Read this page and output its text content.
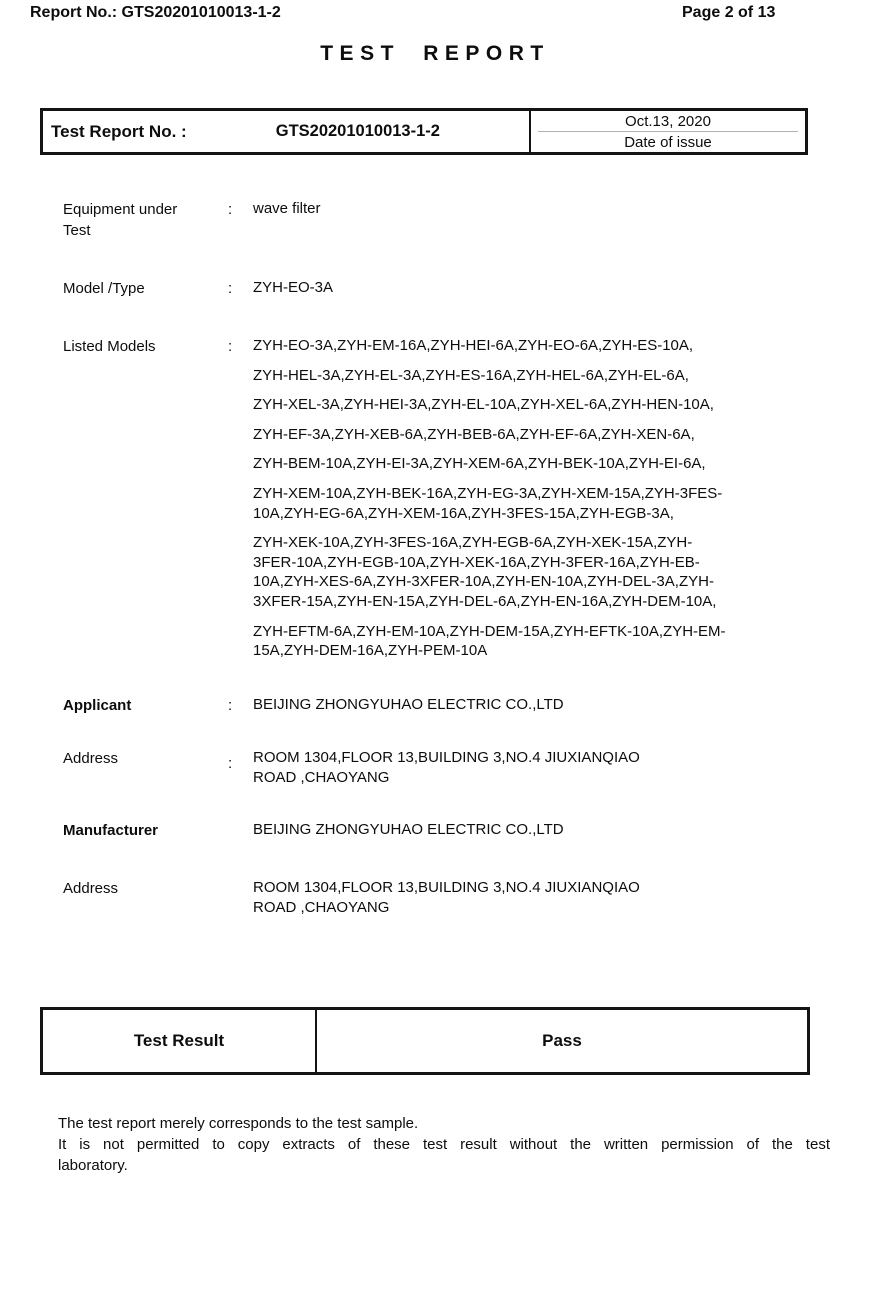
Report No.: GTS20201010013-1-2	Page 2 of 13
TEST REPORT
Test Report No. :	GTS20201010013-1-2
Oct.13, 2020
Date of issue
Equipment under Test
: wave filter
Model /Type	: ZYH-EO-3A
Listed Models	: ZYH-EO-3A,ZYH-EM-16A,ZYH-HEI-6A,ZYH-EO-6A,ZYH-ES-10A,
ZYH-HEL-3A,ZYH-EL-3A,ZYH-ES-16A,ZYH-HEL-6A,ZYH-EL-6A,
ZYH-XEL-3A,ZYH-HEI-3A,ZYH-EL-10A,ZYH-XEL-6A,ZYH-HEN-10A,
ZYH-EF-3A,ZYH-XEB-6A,ZYH-BEB-6A,ZYH-EF-6A,ZYH-XEN-6A,
ZYH-BEM-10A,ZYH-EI-3A,ZYH-XEM-6A,ZYH-BEK-10A,ZYH-EI-6A,
ZYH-XEM-10A,ZYH-BEK-16A,ZYH-EG-3A,ZYH-XEM-15A,ZYH-3FES-
10A,ZYH-EG-6A,ZYH-XEM-16A,ZYH-3FES-15A,ZYH-EGB-3A,
ZYH-XEK-10A,ZYH-3FES-16A,ZYH-EGB-6A,ZYH-XEK-15A,ZYH-
3FER-10A,ZYH-EGB-10A,ZYH-XEK-16A,ZYH-3FER-16A,ZYH-EB-
10A,ZYH-XES-6A,ZYH-3XFER-10A,ZYH-EN-10A,ZYH-DEL-3A,ZYH-
3XFER-15A,ZYH-EN-15A,ZYH-DEL-6A,ZYH-EN-16A,ZYH-DEM-10A,
ZYH-EFTM-6A,ZYH-EM-10A,ZYH-DEM-15A,ZYH-EFTK-10A,ZYH-EM-
15A,ZYH-DEM-16A,ZYH-PEM-10A
Applicant	: BEIJING ZHONGYUHAO ELECTRIC CO.,LTD
Address	: ROOM 1304,FLOOR 13,BUILDING 3,NO.4 JIUXIANQIAO
ROAD ,CHAOYANG
Manufacturer	BEIJING ZHONGYUHAO ELECTRIC CO.,LTD
Address	ROOM 1304,FLOOR 13,BUILDING 3,NO.4 JIUXIANQIAO
ROAD ,CHAOYANG
Test Result	Pass
The test report merely corresponds to the test sample.
It is not permitted to copy extracts of these test result without the written permission of the test
laboratory.
